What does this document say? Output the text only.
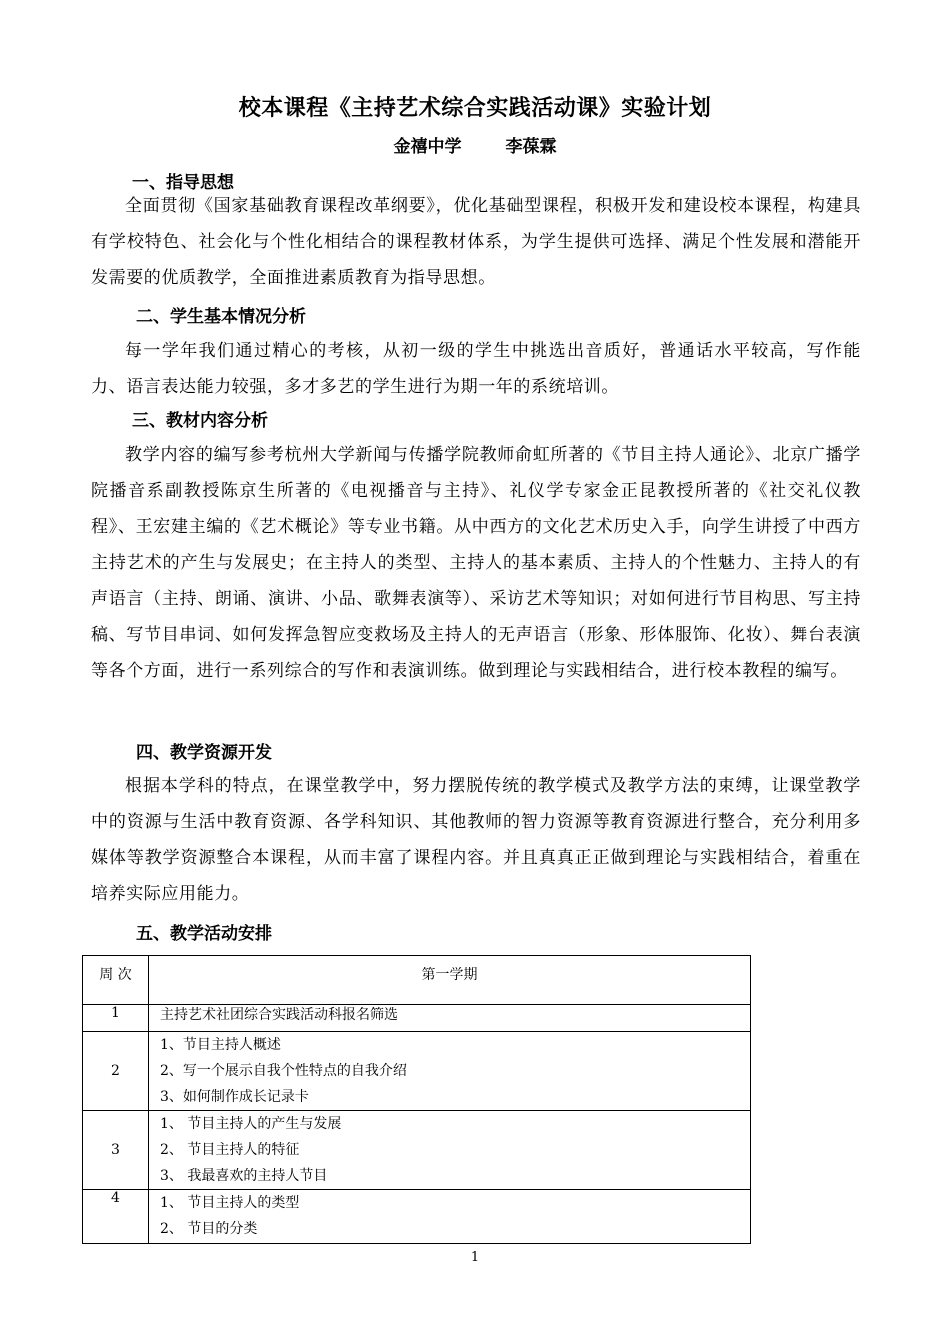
校本课程《主持艺术综合实践活动课》实验计划
金禧中学	李葆霖
一、指导思想

全面贯彻《国家基础教育课程改革纲要》，优化基础型课程，积极开发和建设校本课程，构建具有学校特色、社会化与个性化相结合的课程教材体系，为学生提供可选择、满足个性发展和潜能开发需要的优质教学，全面推进素质教育为指导思想。

二、学生基本情况分析

每一学年我们通过精心的考核，从初一级的学生中挑选出音质好，普通话水平较高，写作能力、语言表达能力较强，多才多艺的学生进行为期一年的系统培训。

三、教材内容分析

教学内容的编写参考杭州大学新闻与传播学院教师俞虹所著的《节目主持人通论》、北京广播学院播音系副教授陈京生所著的《电视播音与主持》、礼仪学专家金正昆教授所著的《社交礼仪教程》、王宏建主编的《艺术概论》等专业书籍。从中西方的文化艺术历史入手，向学生讲授了中西方主持艺术的产生与发展史；在主持人的类型、主持人的基本素质、主持人的个性魅力、主持人的有声语言（主持、朗诵、演讲、小品、歌舞表演等）、采访艺术等知识；对如何进行节目构思、写主持稿、写节目串词、如何发挥急智应变救场及主持人的无声语言（形象、形体服饰、化妆）、舞台表演等各个方面，进行一系列综合的写作和表演训练。做到理论与实践相结合，进行校本教程的编写。

四、教学资源开发

根据本学科的特点，在课堂教学中，努力摆脱传统的教学模式及教学方法的束缚，让课堂教学中的资源与生活中教育资源、各学科知识、其他教师的智力资源等教育资源进行整合，充分利用多媒体等教学资源整合本课程，从而丰富了课程内容。并且真真正正做到理论与实践相结合，着重在培养实际应用能力。

五、教学活动安排
周 次	第一学期
1	主持艺术社团综合实践活动科报名筛选

2	1、节目主持人概述
2、写一个展示自我个性特点的自我介绍
3、如何制作成长记录卡

3	1、 节目主持人的产生与发展
2、 节目主持人的特征
3、 我最喜欢的主持人节目

4	1、 节目主持人的类型
2、 节目的分类
1
